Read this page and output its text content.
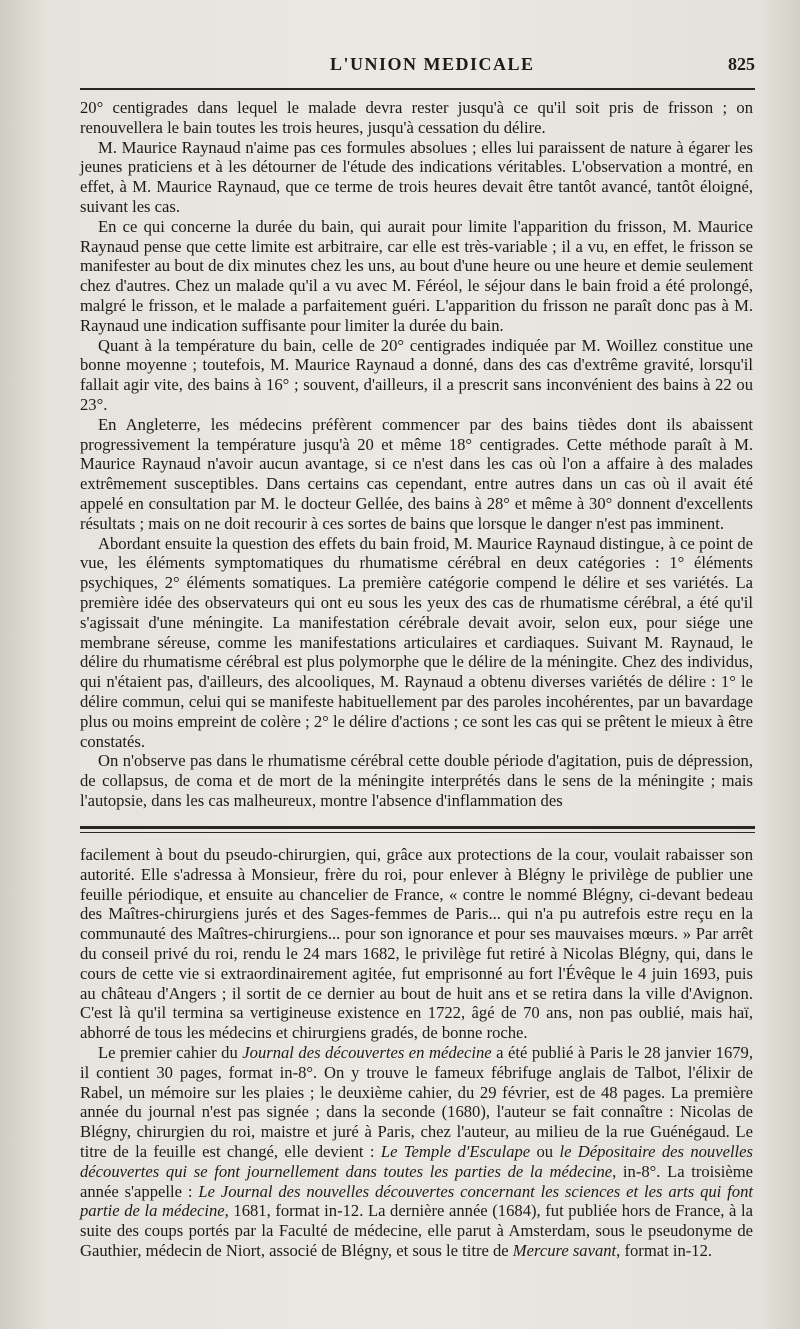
L'UNION MEDICALE	825

20° centigrades dans lequel le malade devra rester jusqu'à ce qu'il soit pris de frisson ; on renouvellera le bain toutes les trois heures, jusqu'à cessation du délire.

M. Maurice Raynaud n'aime pas ces formules absolues ; elles lui paraissent de nature à égarer les jeunes praticiens et à les détourner de l'étude des indications véritables. L'observation a montré, en effet, à M. Maurice Raynaud, que ce terme de trois heures devait être tantôt avancé, tantôt éloigné, suivant les cas.

En ce qui concerne la durée du bain, qui aurait pour limite l'apparition du frisson, M. Maurice Raynaud pense que cette limite est arbitraire, car elle est très-variable ; il a vu, en effet, le frisson se manifester au bout de dix minutes chez les uns, au bout d'une heure ou une heure et demie seulement chez d'autres. Chez un malade qu'il a vu avec M. Féréol, le séjour dans le bain froid a été prolongé, malgré le frisson, et le malade a parfaitement guéri. L'apparition du frisson ne paraît donc pas à M. Raynaud une indication suffisante pour limiter la durée du bain.

Quant à la température du bain, celle de 20° centigrades indiquée par M. Woillez constitue une bonne moyenne ; toutefois, M. Maurice Raynaud a donné, dans des cas d'extrême gravité, lorsqu'il fallait agir vite, des bains à 16° ; souvent, d'ailleurs, il a prescrit sans inconvénient des bains à 22 ou 23°.

En Angleterre, les médecins préfèrent commencer par des bains tièdes dont ils abaissent progressivement la température jusqu'à 20 et même 18° centigrades. Cette méthode paraît à M. Maurice Raynaud n'avoir aucun avantage, si ce n'est dans les cas où l'on a affaire à des malades extrêmement susceptibles. Dans certains cas cependant, entre autres dans un cas où il avait été appelé en consultation par M. le docteur Gellée, des bains à 28° et même à 30° donnent d'excellents résultats ; mais on ne doit recourir à ces sortes de bains que lorsque le danger n'est pas imminent.

Abordant ensuite la question des effets du bain froid, M. Maurice Raynaud distingue, à ce point de vue, les éléments symptomatiques du rhumatisme cérébral en deux catégories : 1° éléments psychiques, 2° éléments somatiques. La première catégorie compend le délire et ses variétés. La première idée des observateurs qui ont eu sous les yeux des cas de rhumatisme cérébral, a été qu'il s'agissait d'une méningite. La manifestation cérébrale devait avoir, selon eux, pour siége une membrane séreuse, comme les manifestations articulaires et cardiaques. Suivant M. Raynaud, le délire du rhumatisme cérébral est plus polymorphe que le délire de la méningite. Chez des individus, qui n'étaient pas, d'ailleurs, des alcooliques, M. Raynaud a obtenu diverses variétés de délire : 1° le délire commun, celui qui se manifeste habituellement par des paroles incohérentes, par un bavardage plus ou moins empreint de colère ; 2° le délire d'actions ; ce sont les cas qui se prêtent le mieux à être constatés.

On n'observe pas dans le rhumatisme cérébral cette double période d'agitation, puis de dépression, de collapsus, de coma et de mort de la méningite interprétés dans le sens de la méningite ; mais l'autopsie, dans les cas malheureux, montre l'absence d'inflammation des

facilement à bout du pseudo-chirurgien, qui, grâce aux protections de la cour, voulait rabaisser son autorité. Elle s'adressa à Monsieur, frère du roi, pour enlever à Blégny le privilège de publier une feuille périodique, et ensuite au chancelier de France, « contre le nommé Blégny, ci-devant bedeau des Maîtres-chirurgiens jurés et des Sages-femmes de Paris... qui n'a pu autrefois estre reçu en la communauté des Maîtres-chirurgiens... pour son ignorance et pour ses mauvaises mœurs. » Par arrêt du conseil privé du roi, rendu le 24 mars 1682, le privilège fut retiré à Nicolas Blégny, qui, dans le cours de cette vie si extraordinairement agitée, fut emprisonné au fort l'Évêque le 4 juin 1693, puis au château d'Angers ; il sortit de ce dernier au bout de huit ans et se retira dans la ville d'Avignon. C'est là qu'il termina sa vertigineuse existence en 1722, âgé de 70 ans, non pas oublié, mais haï, abhorré de tous les médecins et chirurgiens gradés, de bonne roche.

Le premier cahier du Journal des découvertes en médecine a été publié à Paris le 28 janvier 1679, il contient 30 pages, format in-8°. On y trouve le fameux fébrifuge anglais de Talbot, l'élixir de Rabel, un mémoire sur les plaies ; le deuxième cahier, du 29 février, est de 48 pages. La première année du journal n'est pas signée ; dans la seconde (1680), l'auteur se fait connaître : Nicolas de Blégny, chirurgien du roi, maistre et juré à Paris, chez l'auteur, au milieu de la rue Guénégaud. Le titre de la feuille est changé, elle devient : Le Temple d'Esculape ou le Dépositaire des nouvelles découvertes qui se font journellement dans toutes les parties de la médecine, in-8°. La troisième année s'appelle : Le Journal des nouvelles découvertes concernant les sciences et les arts qui font partie de la médecine, 1681, format in-12. La dernière année (1684), fut publiée hors de France, à la suite des coups portés par la Faculté de médecine, elle parut à Amsterdam, sous le pseudonyme de Gauthier, médecin de Niort, associé de Blégny, et sous le titre de Mercure savant, format in-12.
